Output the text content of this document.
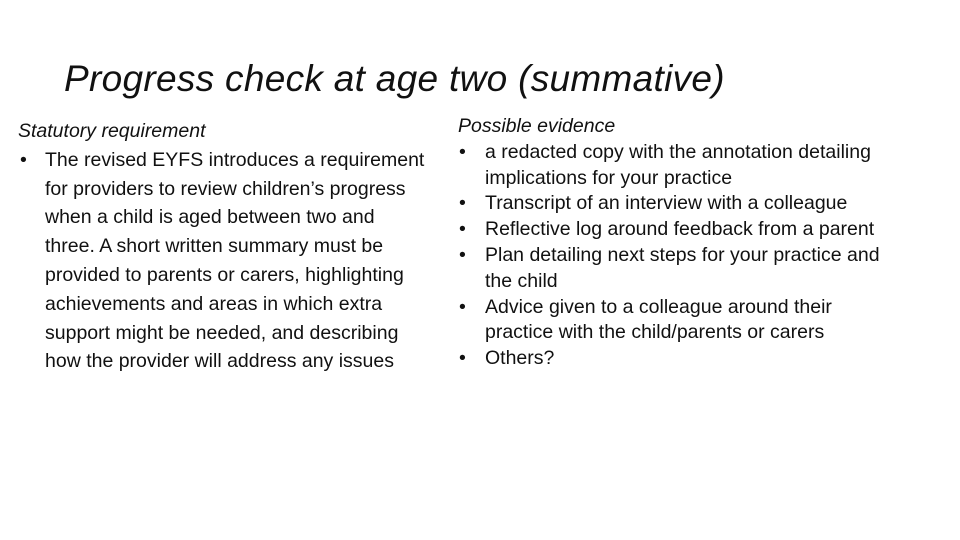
Progress check at age two (summative)
Statutory requirement
• The revised EYFS introduces a requirement for providers to review children’s progress when a child is aged between two and three. A short written summary must be provided to parents or carers, highlighting achievements and areas in which extra support might be needed, and describing how the provider will address any issues
Possible evidence
• a redacted copy with the annotation detailing implications for your practice
• Transcript of an interview with a colleague
• Reflective log around feedback from a parent
• Plan detailing next steps for your practice and the child
• Advice given to a colleague around their practice with the child/parents or carers
• Others?
